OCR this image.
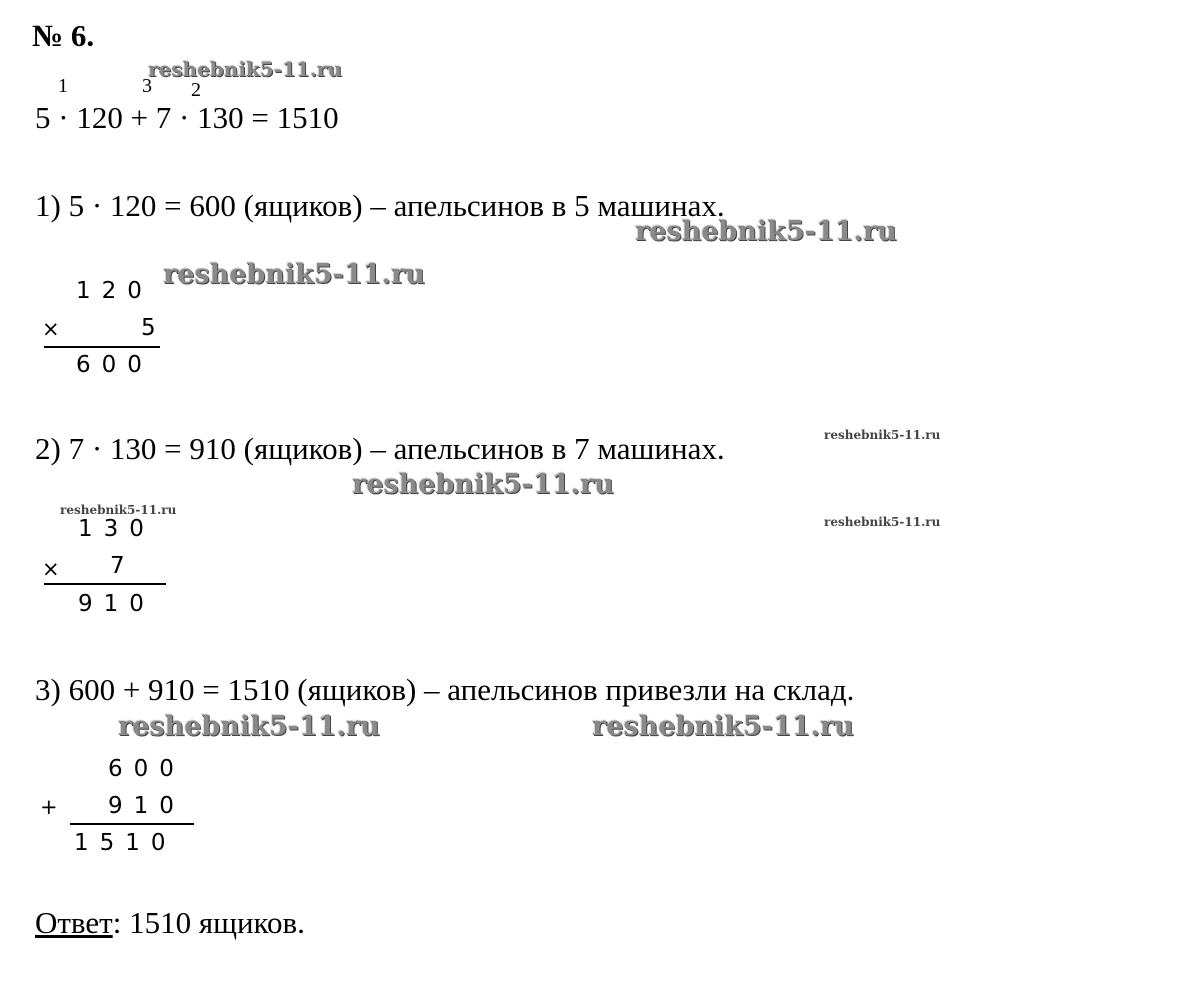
№ 6.
1	3 2
5 · 120 + 7 · 130 = 1510
1) 5 · 120 = 600 (ящиков) – апельсинов в 5 машинах.
120
×	5
600
2) 7 · 130 = 910 (ящиков) – апельсинов в 7 машинах.
130
× 7
910
3) 600 + 910 = 1510 (ящиков) – апельсинов привезли на склад.
600
+ 910
1510
Ответ: 1510 ящиков.
reshebnik5-11.ru
reshebnik5-11.ru
reshebnik5-11.ru
reshebnik5-11.ru
reshebnik5-11.ru
reshebnik5-11.ru
reshebnik5-11.ru
reshebnik5-11.ru	reshebnik5-11.ru
